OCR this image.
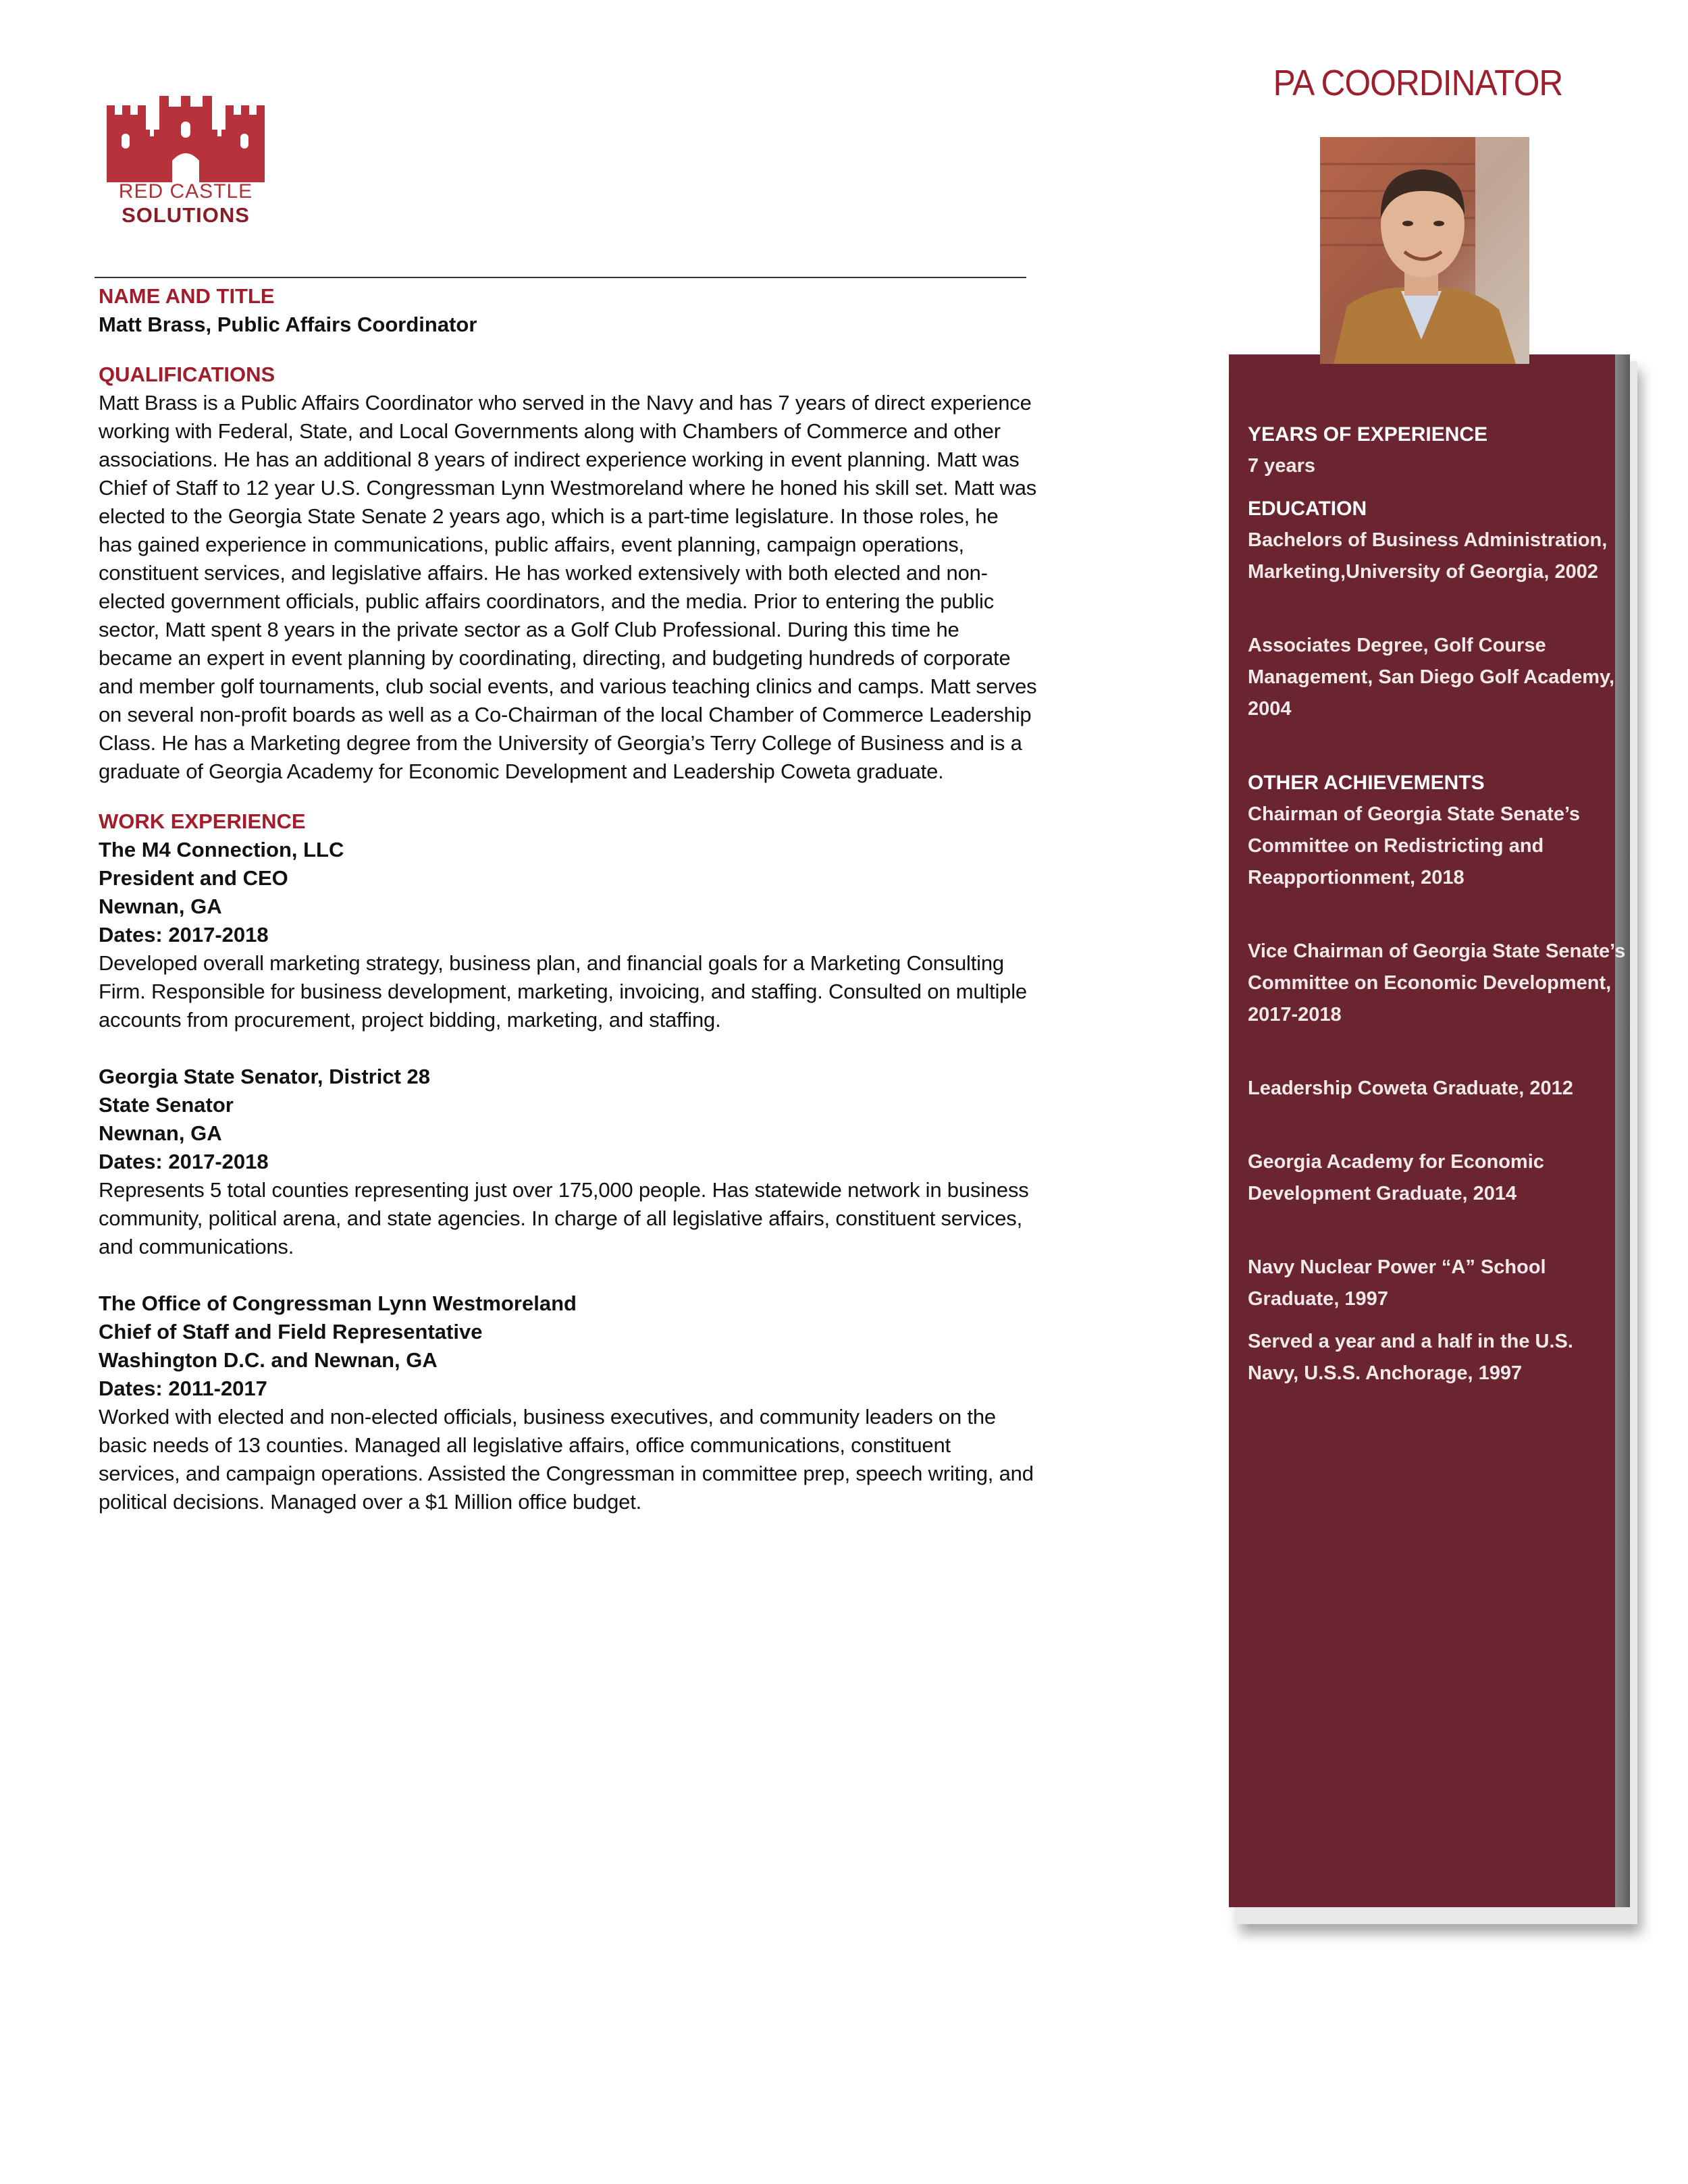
PA COORDINATOR
RED CASTLE
SOLUTIONS

NAME AND TITLE

Matt Brass, Public Affairs Coordinator

QUALIFICATIONS

Matt Brass is a Public Affairs Coordinator who served in the Navy and has 7 years of direct experience working with Federal, State, and Local Governments along with Chambers of Commerce and other associations. He has an additional 8 years of indirect experience working in event planning. Matt was Chief of Staff to 12 year U.S. Congressman Lynn Westmoreland where he honed his skill set. Matt was elected to the Georgia State Senate 2 years ago, which is a part-time legislature. In those roles, he has gained experience in communications, public affairs, event planning, campaign operations, constituent services, and legislative affairs. He has worked extensively with both elected and non-elected government officials, public affairs coordinators, and the media. Prior to entering the public sector, Matt spent 8 years in the private sector as a Golf Club Professional. During this time he became an expert in event planning by coordinating, directing, and budgeting hundreds of corporate and member golf tournaments, club social events, and various teaching clinics and camps. Matt serves on several non-profit boards as well as a Co-Chairman of the local Chamber of Commerce Leadership Class. He has a Marketing degree from the University of Georgia’s Terry College of Business and is a graduate of Georgia Academy for Economic Development and Leadership Coweta graduate.

WORK EXPERIENCE

The M4 Connection, LLC

President and CEO

Newnan, GA

Dates: 2017-2018

Developed overall marketing strategy, business plan, and financial goals for a Marketing Consulting Firm. Responsible for business development, marketing, invoicing, and staffing. Consulted on multiple accounts from procurement, project bidding, marketing, and staffing.

Georgia State Senator, District 28

State Senator

Newnan, GA

Dates: 2017-2018

Represents 5 total counties representing just over 175,000 people. Has statewide network in business community, political arena, and state agencies. In charge of all legislative affairs, constituent services, and communications.

The Office of Congressman Lynn Westmoreland

Chief of Staff and Field Representative

Washington D.C. and Newnan, GA

Dates: 2011-2017

Worked with elected and non-elected officials, business executives, and community leaders on the basic needs of 13 counties. Managed all legislative affairs, office communications, constituent services, and campaign operations. Assisted the Congressman in committee prep, speech writing, and political decisions. Managed over a $1 Million office budget.

YEARS OF EXPERIENCE

7 years

EDUCATION

Bachelors of Business Administration, Marketing,University of Georgia, 2002

Associates Degree, Golf Course Management, San Diego Golf Academy, 2004

OTHER ACHIEVEMENTS

Chairman of Georgia State Senate’s Committee on Redistricting and Reapportionment, 2018

Vice Chairman of Georgia State Senate’s Committee on Economic Development, 2017-2018

Leadership Coweta Graduate, 2012

Georgia Academy for Economic Development Graduate, 2014

Navy Nuclear Power “A” School Graduate, 1997

Served a year and a half in the U.S. Navy, U.S.S. Anchorage, 1997
